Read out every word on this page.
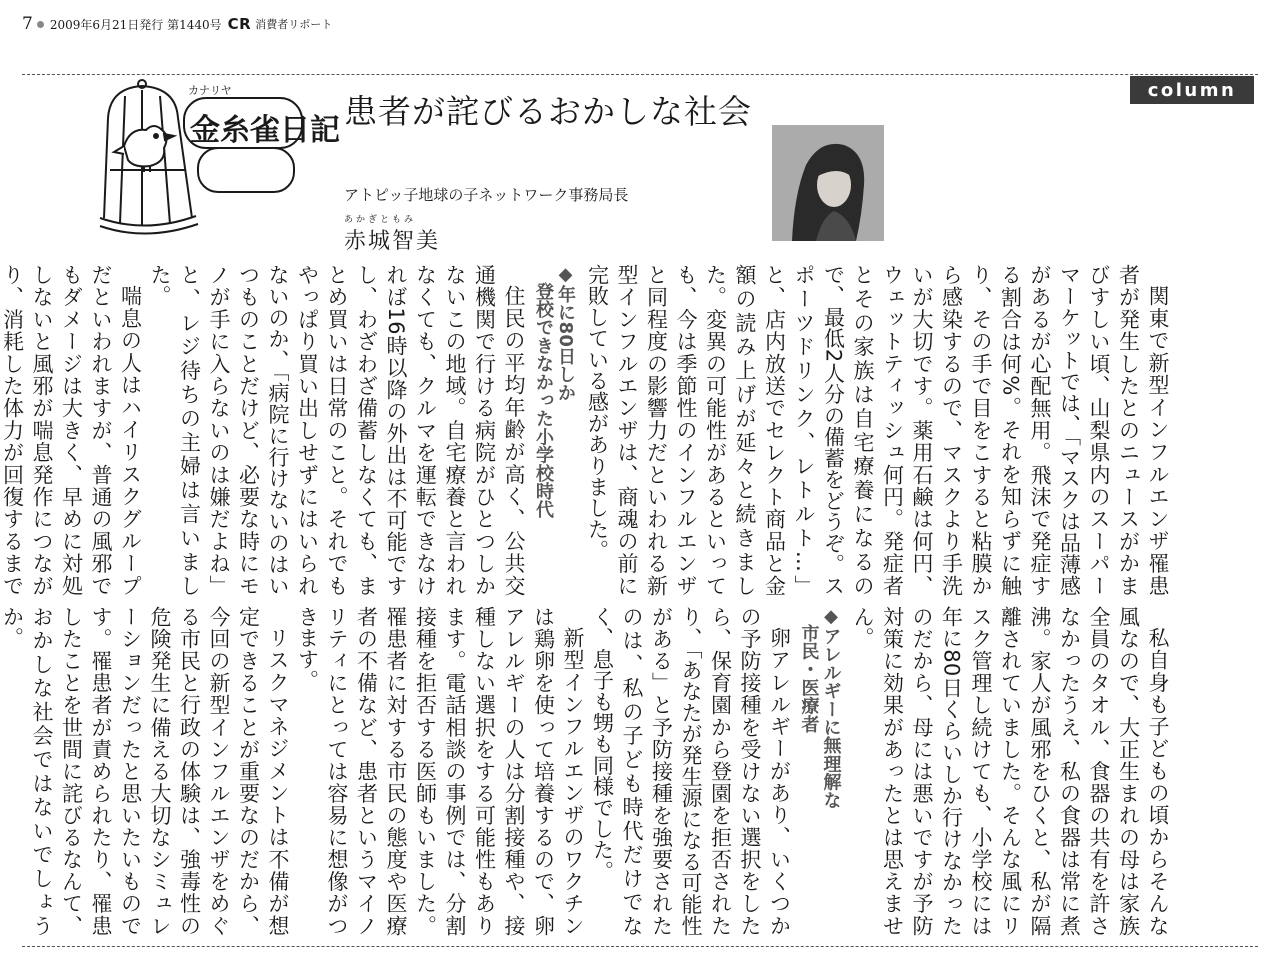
7 2009年6月21日発行 第1440号 CR 消費者リポート
column
金糸雀日記
カナリヤ
患者が詫びるおかしな社会
アトピッ子地球の子ネットワーク事務局長
あかぎともみ
赤城智美

関東で新型インフルエンザ罹患者が発生したとのニュースがかまびすしい頃、山梨県内のスーパーマーケットでは、「マスクは品薄感があるが心配無用。飛沫で発症する割合は何%。それを知らずに触り、その手で目をこすると粘膜から感染するので、マスクより手洗いが大切です。薬用石鹸は何円、ウェットティッシュ何円。発症者とその家族は自宅療養になるので、最低2人分の備蓄をどうぞ。スポーツドリンク、レトルト…」と、店内放送でセレクト商品と金額の読み上げが延々と続きました。変異の可能性があるといっても、今は季節性のインフルエンザと同程度の影響力だといわれる新型インフルエンザは、商魂の前に完敗している感がありました。

◆年に80日しか
登校できなかった小学校時代

住民の平均年齢が高く、公共交通機関で行ける病院がひとつしかないこの地域。自宅療養と言われなくても、クルマを運転できなければ16時以降の外出は不可能ですし、わざわざ備蓄しなくても、まとめ買いは日常のこと。それでもやっぱり買い出しせずにはいられないのか、「病院に行けないのはいつものことだけど、必要な時にモノが手に入らないのは嫌だよね」と、レジ待ちの主婦は言いました。

喘息の人はハイリスクグループだといわれますが、普通の風邪でもダメージは大きく、早めに対処しないと風邪が喘息発作につながり、消耗した体力が回復するまで

私自身も子どもの頃からそんな風なので、大正生まれの母は家族全員のタオル、食器の共有を許さなかったうえ、私の食器は常に煮沸。家人が風邪をひくと、私が隔離されていました。そんな風にリスク管理し続けても、小学校には年に80日くらいしか行けなかったのだから、母には悪いですが予防対策に効果があったとは思えません。

◆アレルギーに無理解な
市民・医療者

卵アレルギーがあり、いくつかの予防接種を受けない選択をしたら、保育園から登園を拒否されたり、「あなたが発生源になる可能性がある」と予防接種を強要されたのは、私の子ども時代だけでなく、息子も甥も同様でした。

新型インフルエンザのワクチンは鶏卵を使って培養するので、卵アレルギーの人は分割接種や、接種しない選択をする可能性もあります。電話相談の事例では、分割接種を拒否する医師もいました。罹患者に対する市民の態度や医療者の不備など、患者というマイノリティにとっては容易に想像がつきます。

リスクマネジメントは不備が想定できることが重要なのだから、今回の新型インフルエンザをめぐる市民と行政の体験は、強毒性の危険発生に備える大切なシミュレーションだったと思いたいものです。罹患者が責められたり、罹患したことを世間に詫びるなんて、おかしな社会ではないでしょうか。
